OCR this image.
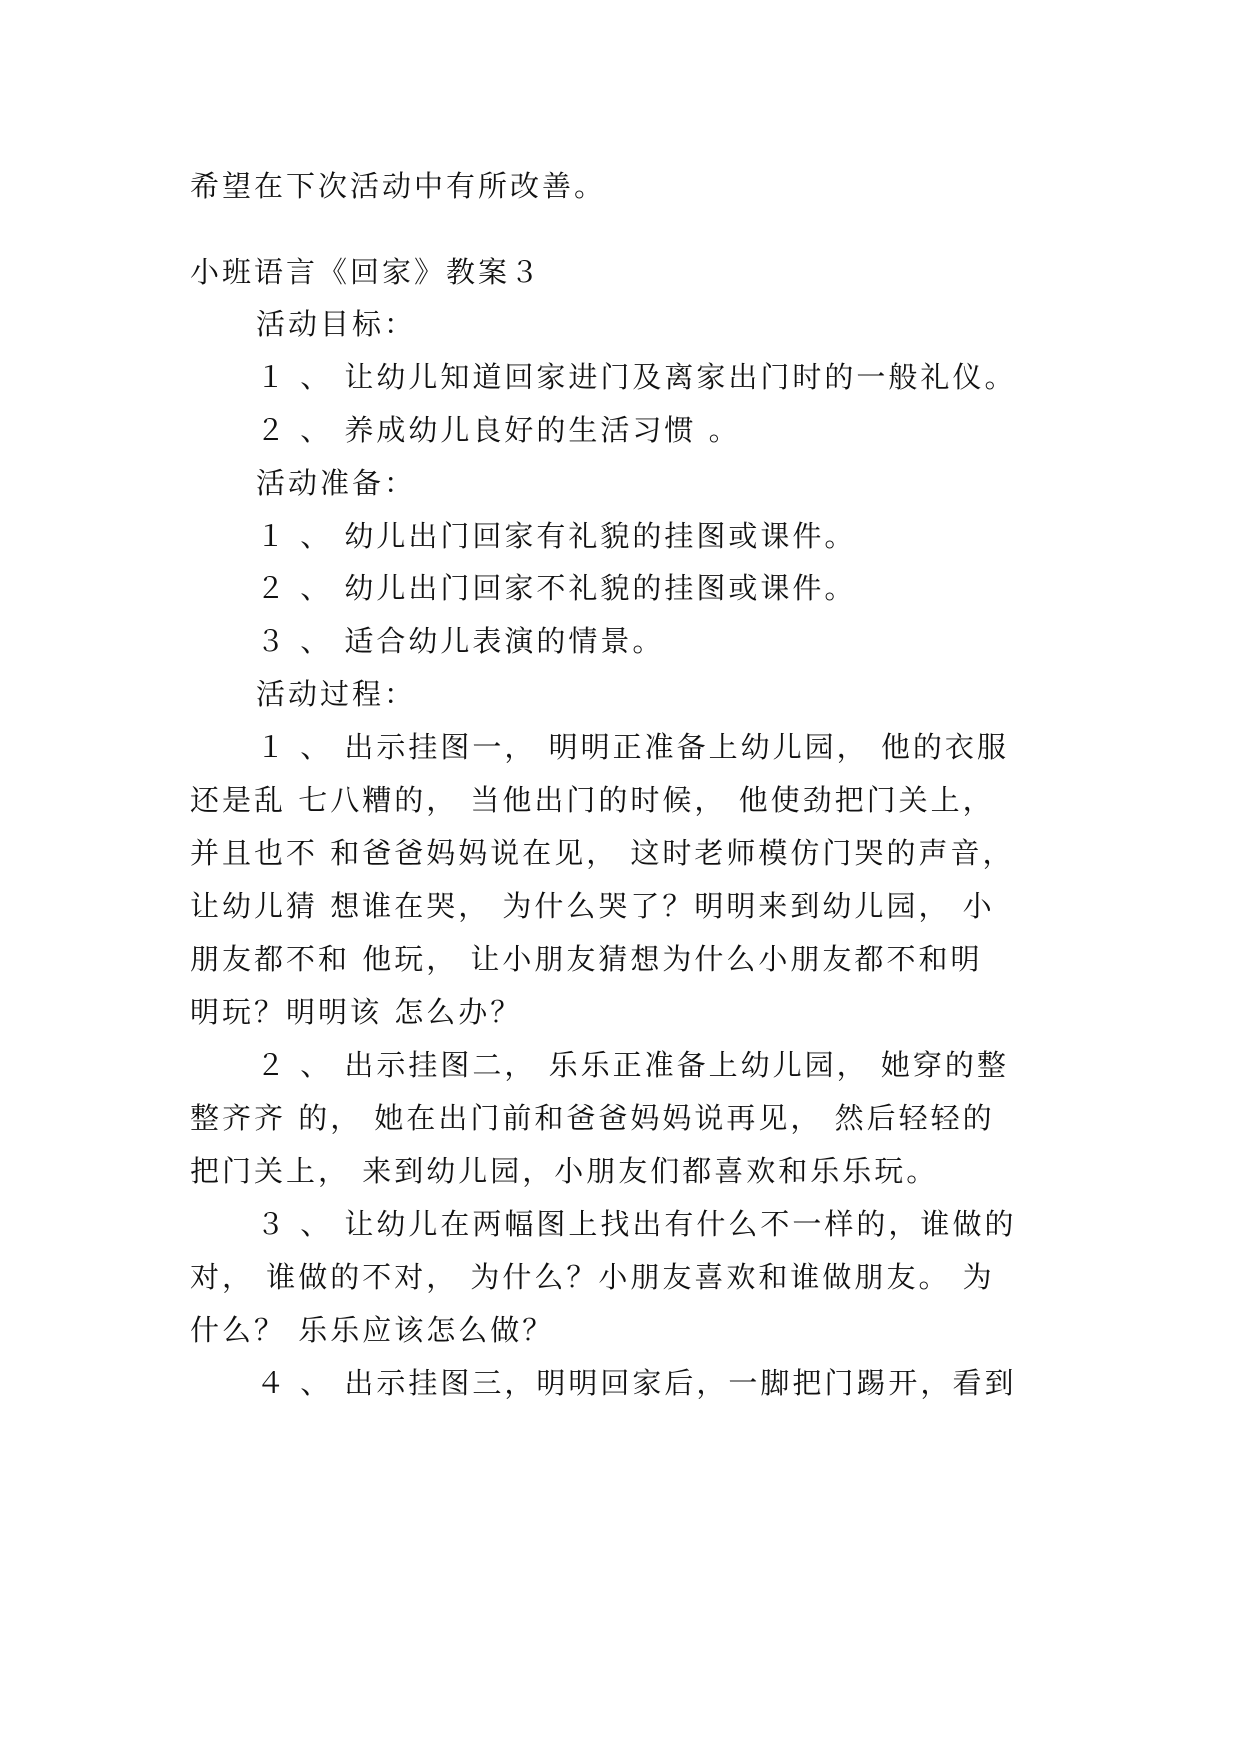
希望在下次活动中有所改善。
小班语言《回家》教案３
活动目标：
１ 、 让幼儿知道回家进门及离家出门时的一般礼仪。
２ 、 养成幼儿良好的生活习惯 。
活动准备：
１ 、 幼儿出门回家有礼貌的挂图或课件。
２ 、 幼儿出门回家不礼貌的挂图或课件。
３ 、 适合幼儿表演的情景。
活动过程：
１ 、 出示挂图一， 明明正准备上幼儿园， 他的衣服
还是乱 七八糟的， 当他出门的时候， 他使劲把门关上，
并且也不 和爸爸妈妈说在见， 这时老师模仿门哭的声音，
让幼儿猜 想谁在哭， 为什么哭了？明明来到幼儿园， 小
朋友都不和 他玩， 让小朋友猜想为什么小朋友都不和明
明玩？明明该 怎么办？
２ 、 出示挂图二， 乐乐正准备上幼儿园， 她穿的整
整齐齐 的， 她在出门前和爸爸妈妈说再见， 然后轻轻的
把门关上， 来到幼儿园，小朋友们都喜欢和乐乐玩。
３ 、 让幼儿在两幅图上找出有什么不一样的，谁做的
对， 谁做的不对， 为什么？小朋友喜欢和谁做朋友。 为
什么？ 乐乐应该怎么做？
４ 、 出示挂图三，明明回家后，一脚把门踢开，看到
